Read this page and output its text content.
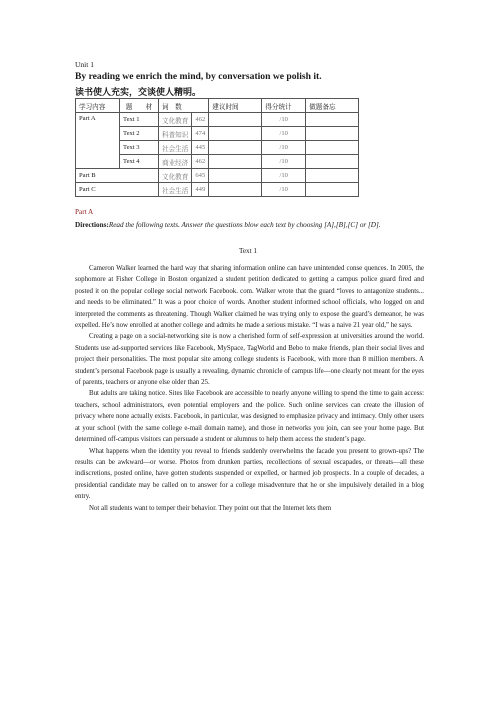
Unit 1
By reading we enrich the mind, by conversation we polish it.
读书使人充实，交谈使人精明。
学习内容	题　　材	词　数		建议时间	得分统计	做题备忘
Part A	Text 1	文化教育	462		/10	
	Text 2	科普知识	474		/10	
	Text 3	社会生活	445		/10	
	Text 4	商业经济	462		/10	
Part B		文化教育	645		/10	
Part C		社会生活	449		/10	
Part A
Directions:Read the following texts. Answer the questions blow each text by choosing [A],[B],[C] or [D].
Text 1

Cameron Walker learned the hard way that sharing information online can have unintended conse quences. In 2005, the sophomore at Fisher College in Boston organized a student petition dedicated to getting a campus police guard fired and posted it on the popular college social network Facebook. com. Walker wrote that the guard “loves to antagonize students... and needs to be eliminated.” It was a poor choice of words. Another student informed school officials, who logged on and interpreted the comments as threatening. Though Walker claimed he was trying only to expose the guard’s demeanor, he was expelled. He’s now enrolled at another college and admits he made a serious mistake. “I was a naive 21 year old,” he says.

Creating a page on a social-networking site is now a cherished form of self-expression at universities around the world. Students use ad-supported services like Facebook, MySpace, TagWorld and Bebo to make friends, plan their social lives and project their personalities. The most popular site among college students is Facebook, with more than 8 million members. A student’s personal Facebook page is usually a revealing, dynamic chronicle of campus life—one clearly not meant for the eyes of parents, teachers or anyone else older than 25.

But adults are taking notice. Sites like Facebook are accessible to nearly anyone willing to spend the time to gain access: teachers, school administrators, even potential employers and the police. Such online services can create the illusion of privacy where none actually exists. Facebook, in particular, was designed to emphasize privacy and intimacy. Only other users at your school (with the same college e-mail domain name), and those in networks you join, can see your home page. But determined off-campus visitors can persuade a student or alumnus to help them access the student’s page.

What happens when the identity you reveal to friends suddenly overwhelms the facade you present to grown-ups? The results can be awkward—or worse. Photos from drunken parties, recollections of sexual escapades, or threats—all these indiscretions, posted online, have gotten students suspended or expelled, or harmed job prospects. In a couple of decades, a presidential candidate may be called on to answer for a college misadventure that he or she impulsively detailed in a blog entry.

Not all students want to temper their behavior. They point out that the Internet lets them
